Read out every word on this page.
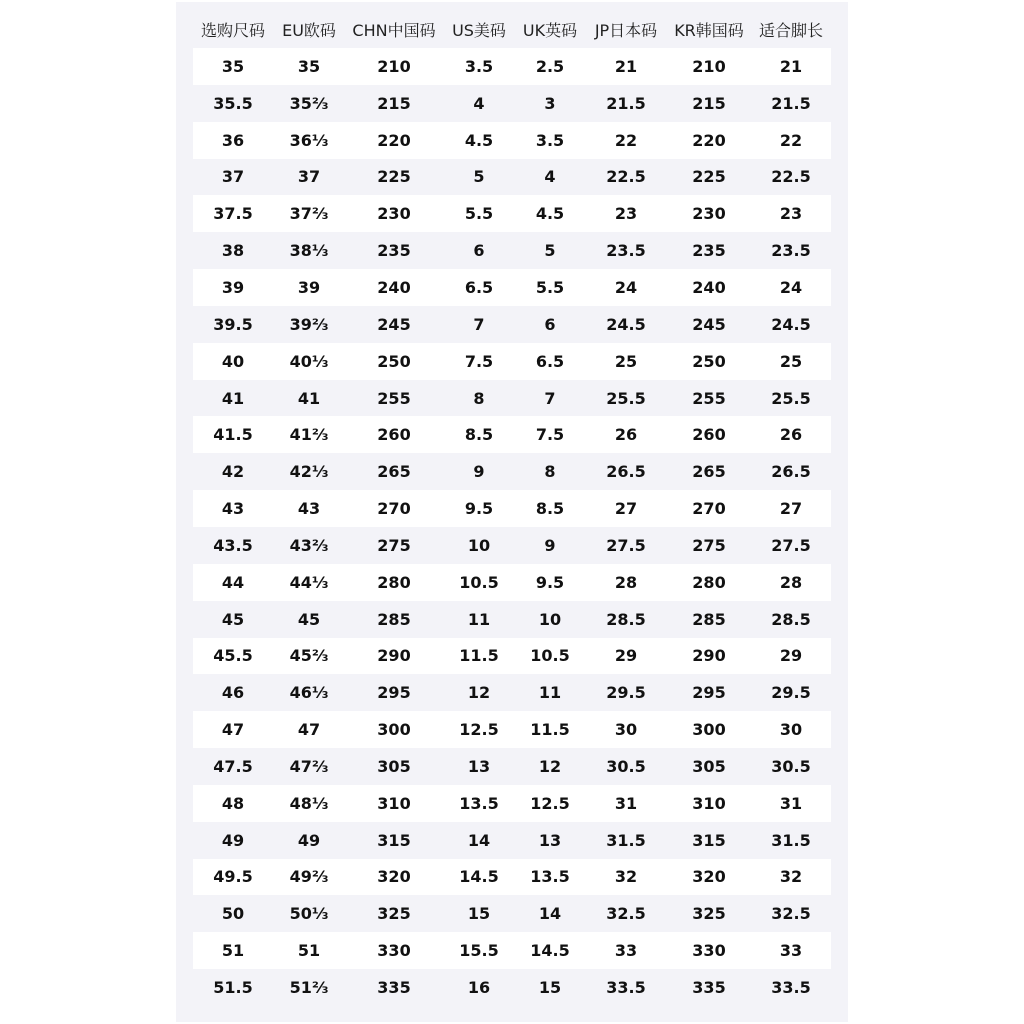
选购尺码	EU欧码	CHN中国码	US美码	UK英码	JP日本码	KR韩国码	适合脚长
35	35	210	3.5	2.5	21	210	21
35.5	35⅔	215	4	3	21.5	215	21.5
36	36⅓	220	4.5	3.5	22	220	22
37	37	225	5	4	22.5	225	22.5
37.5	37⅔	230	5.5	4.5	23	230	23
38	38⅓	235	6	5	23.5	235	23.5
39	39	240	6.5	5.5	24	240	24
39.5	39⅔	245	7	6	24.5	245	24.5
40	40⅓	250	7.5	6.5	25	250	25
41	41	255	8	7	25.5	255	25.5
41.5	41⅔	260	8.5	7.5	26	260	26
42	42⅓	265	9	8	26.5	265	26.5
43	43	270	9.5	8.5	27	270	27
43.5	43⅔	275	10	9	27.5	275	27.5
44	44⅓	280	10.5	9.5	28	280	28
45	45	285	11	10	28.5	285	28.5
45.5	45⅔	290	11.5	10.5	29	290	29
46	46⅓	295	12	11	29.5	295	29.5
47	47	300	12.5	11.5	30	300	30
47.5	47⅔	305	13	12	30.5	305	30.5
48	48⅓	310	13.5	12.5	31	310	31
49	49	315	14	13	31.5	315	31.5
49.5	49⅔	320	14.5	13.5	32	320	32
50	50⅓	325	15	14	32.5	325	32.5
51	51	330	15.5	14.5	33	330	33
51.5	51⅔	335	16	15	33.5	335	33.5
